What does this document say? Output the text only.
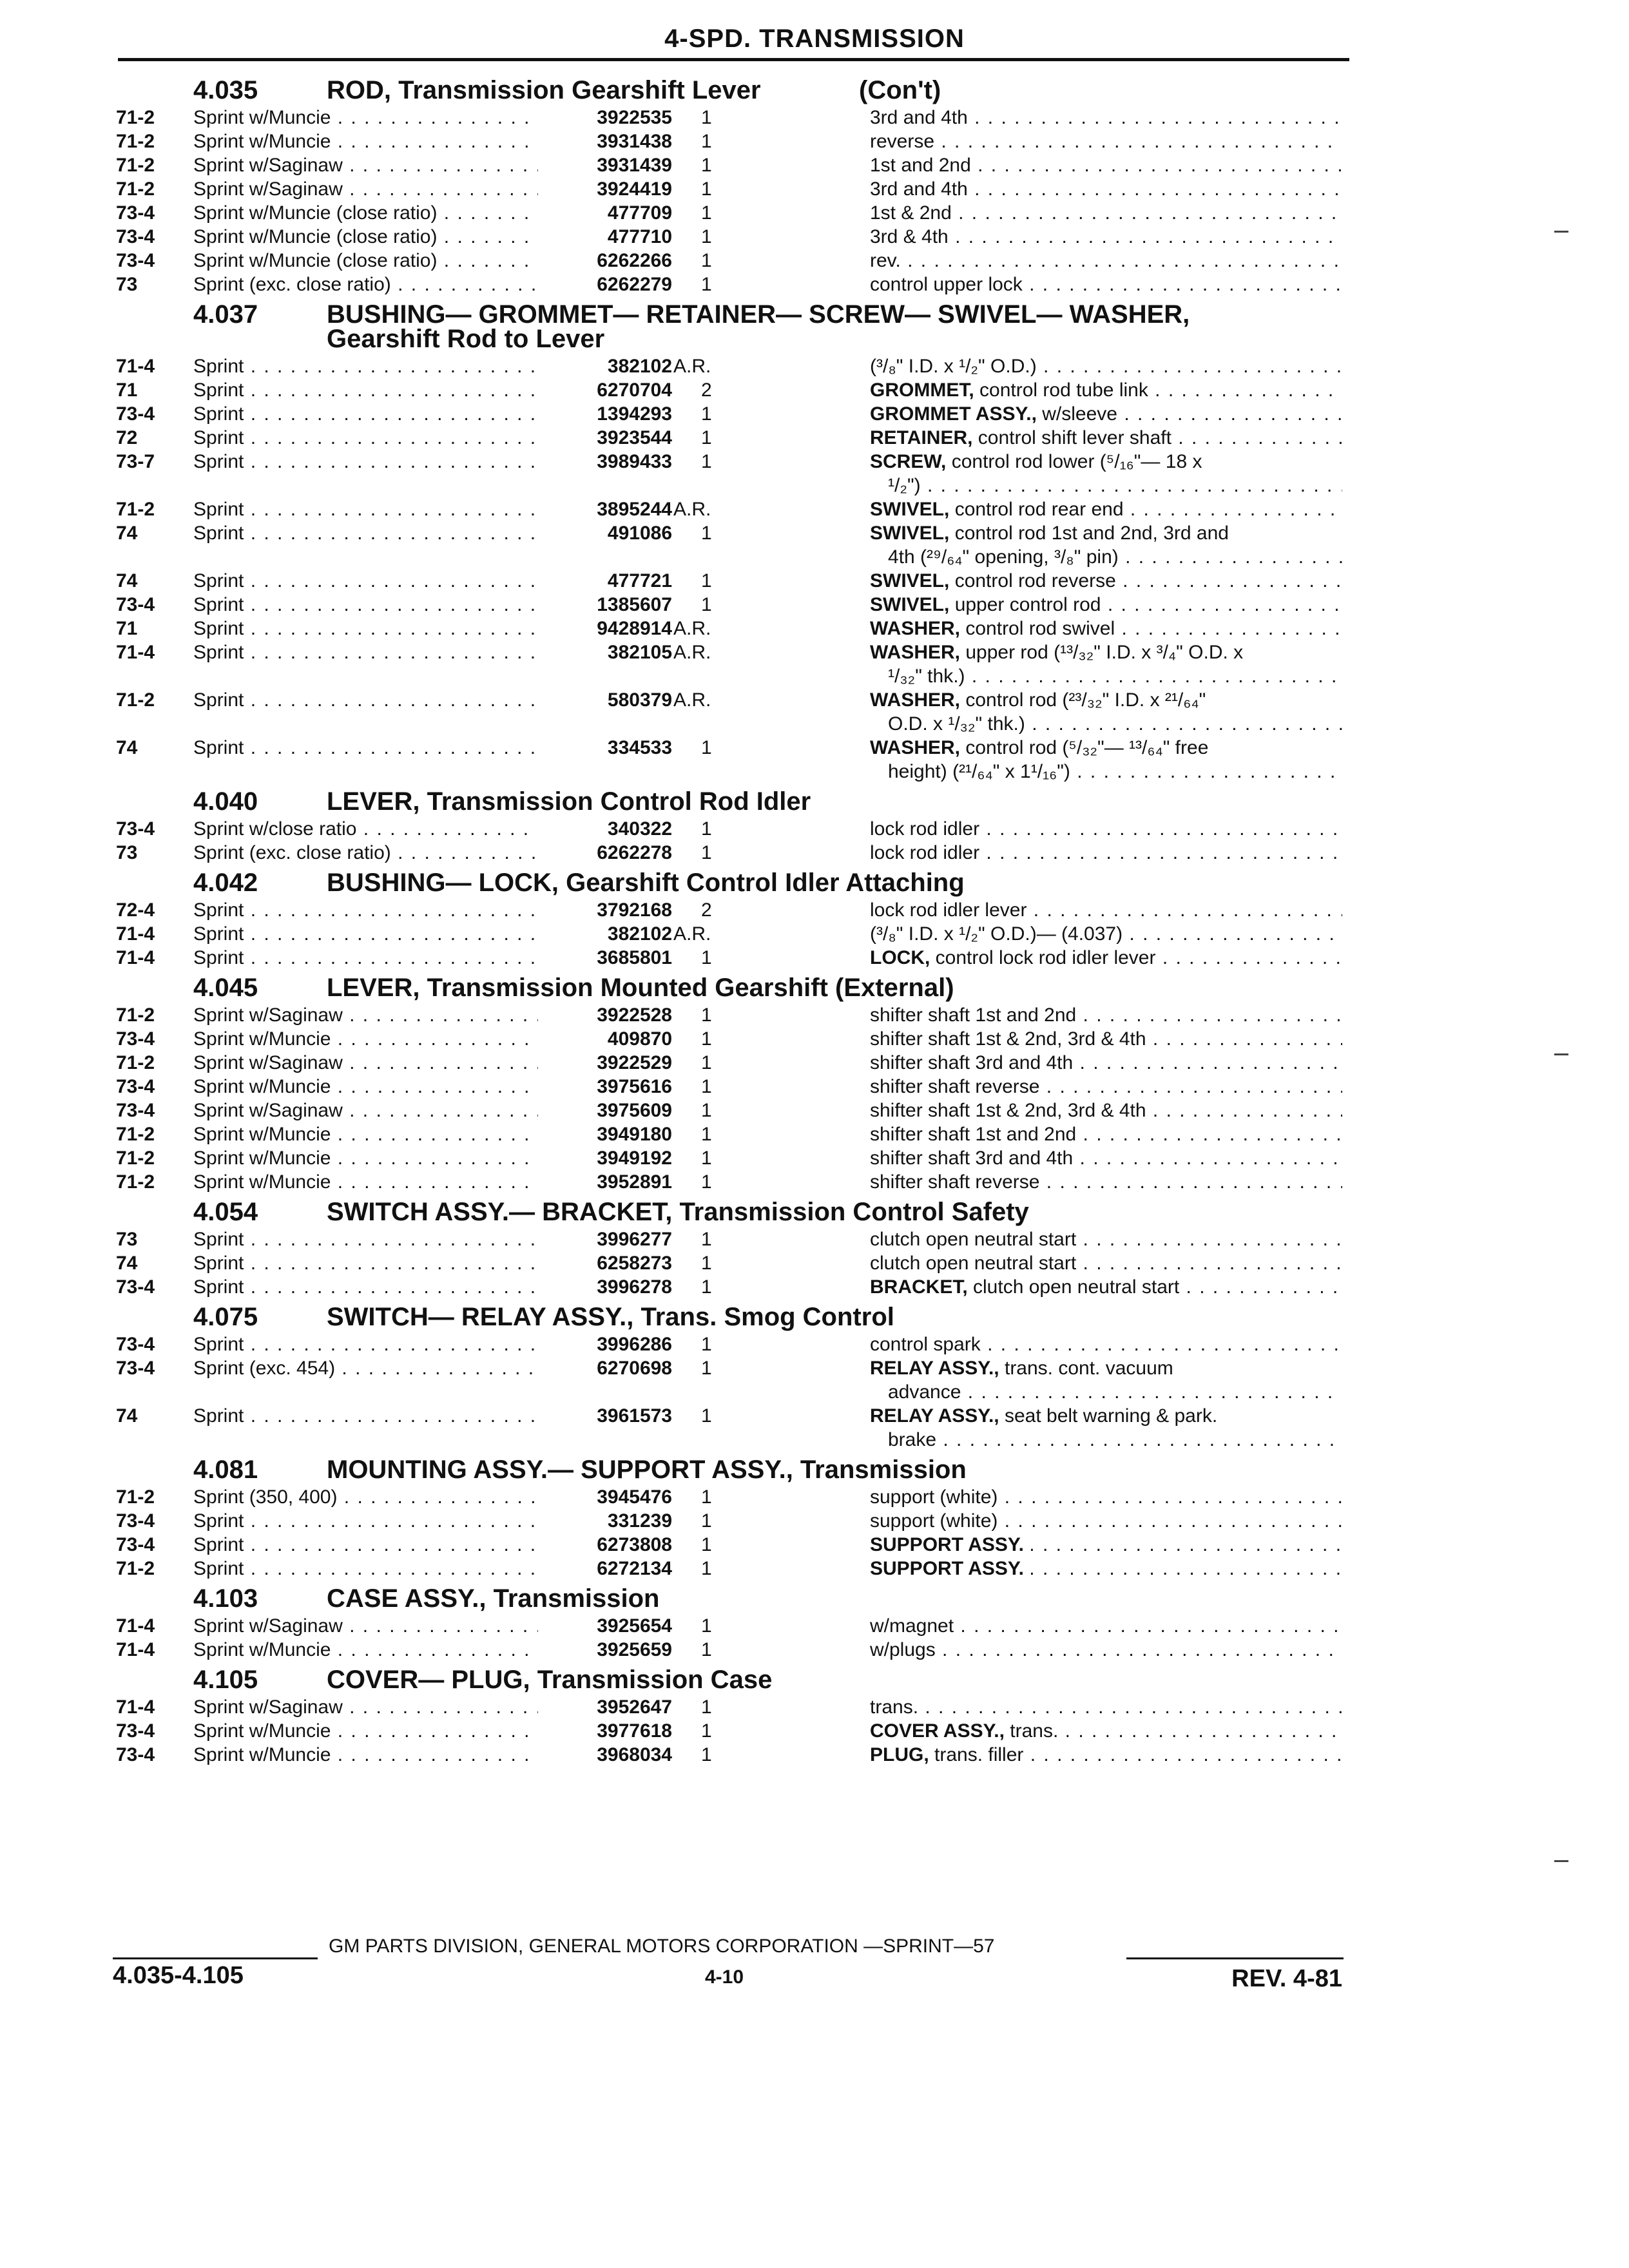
4-SPD. TRANSMISSION
4.035	ROD, Transmission Gearshift Lever	(Con't)
71-2 Sprint w/Muncie . . .	3922535 1	3rd and 4th . . .
71-2 Sprint w/Muncie . . .	3931438 1	reverse . . .
71-2 Sprint w/Saginaw . . .	3931439 1	1st and 2nd . . .
71-2 Sprint w/Saginaw . . .	3924419 1	3rd and 4th . . .
73-4 Sprint w/Muncie (close ratio) . . .	477709 1	1st & 2nd . . .
73-4 Sprint w/Muncie (close ratio) . . .	477710 1	3rd & 4th . . .
73-4 Sprint w/Muncie (close ratio) . . .	6262266 1	rev. . . .
73	Sprint (exc. close ratio) . . .	6262279 1	control upper lock . . .
4.037	BUSHING— GROMMET— RETAINER— SCREW— SWIVEL— WASHER,
Gearshift Rod to Lever
71-4 Sprint . . .	382102 A.R.	(³/₈" I.D. x ¹/₂" O.D.) . . .
71	Sprint . . .	6270704 2	GROMMET, control rod tube link . . .
73-4 Sprint . . .	1394293 1	GROMMET ASSY., w/sleeve . . .
72	Sprint . . .	3923544 1	RETAINER, control shift lever shaft . . .
73-7 Sprint . . .	3989433 1	SCREW, control rod lower (⁵/₁₆"— 18 x
¹/₂") . . .
71-2 Sprint . . .	3895244 A.R.	SWIVEL, control rod rear end . . .
74	Sprint . . .	491086 1	SWIVEL, control rod 1st and 2nd, 3rd and
4th (²⁹/₆₄" opening, ³/₈" pin) . . .
74	Sprint . . .	477721 1	SWIVEL, control rod reverse . . .
73-4 Sprint . . .	1385607 1	SWIVEL, upper control rod . . .
71	Sprint . . .	9428914 A.R.	WASHER, control rod swivel . . .
71-4 Sprint . . .	382105 A.R.	WASHER, upper rod (¹³/₃₂" I.D. x ³/₄" O.D. x
¹/₃₂" thk.) . . .
71-2 Sprint . . .	580379 A.R.	WASHER, control rod (²³/₃₂" I.D. x ²¹/₆₄"
O.D. x ¹/₃₂" thk.) . . .
74	Sprint . . .	334533 1	WASHER, control rod (⁵/₃₂"— ¹³/₆₄" free
height) (²¹/₆₄" x 1¹/₁₆") . . .
4.040	LEVER, Transmission Control Rod Idler
73-4 Sprint w/close ratio . . .	340322 1	lock rod idler . . .
73	Sprint (exc. close ratio) . . .	6262278 1	lock rod idler . . .
4.042	BUSHING— LOCK, Gearshift Control Idler Attaching
72-4 Sprint . . .	3792168 2	lock rod idler lever . . .
71-4 Sprint . . .	382102 A.R.	(³/₈" I.D. x ¹/₂" O.D.)— (4.037) . . .
71-4 Sprint . . .	3685801 1	LOCK, control lock rod idler lever . . .
4.045	LEVER, Transmission Mounted Gearshift (External)
71-2 Sprint w/Saginaw . . .	3922528 1	shifter shaft 1st and 2nd . . .
73-4 Sprint w/Muncie . . .	409870 1	shifter shaft 1st & 2nd, 3rd & 4th . . .
71-2 Sprint w/Saginaw . . .	3922529 1	shifter shaft 3rd and 4th . . .
73-4 Sprint w/Muncie . . .	3975616 1	shifter shaft reverse . . .
73-4 Sprint w/Saginaw . . .	3975609 1	shifter shaft 1st & 2nd, 3rd & 4th . . .
71-2 Sprint w/Muncie . . .	3949180 1	shifter shaft 1st and 2nd . . .
71-2 Sprint w/Muncie . . .	3949192 1	shifter shaft 3rd and 4th . . .
71-2 Sprint w/Muncie . . .	3952891 1	shifter shaft reverse . . .
4.054	SWITCH ASSY.— BRACKET, Transmission Control Safety
73	Sprint . . .	3996277 1	clutch open neutral start . . .
74	Sprint . . .	6258273 1	clutch open neutral start . . .
73-4 Sprint . . .	3996278 1	BRACKET, clutch open neutral start . . .
4.075	SWITCH— RELAY ASSY., Trans. Smog Control
73-4 Sprint . . .	3996286 1	control spark . . .
73-4 Sprint (exc. 454) . . .	6270698 1	RELAY ASSY., trans. cont. vacuum
advance . . .
74	Sprint . . .	3961573 1	RELAY ASSY., seat belt warning & park.
brake . . .
4.081	MOUNTING ASSY.— SUPPORT ASSY., Transmission
71-2 Sprint (350, 400) . . .	3945476 1	support (white) . . .
73-4 Sprint . . .	331239 1	support (white) . . .
73-4 Sprint . . .	6273808 1	SUPPORT ASSY. . . .
71-2 Sprint . . .	6272134 1	SUPPORT ASSY. . . .
4.103	CASE ASSY., Transmission
71-4 Sprint w/Saginaw . . .	3925654 1	w/magnet . . .
71-4 Sprint w/Muncie . . .	3925659 1	w/plugs . . .
4.105	COVER— PLUG, Transmission Case
71-4 Sprint w/Saginaw . . .	3952647 1	trans. . . .
73-4 Sprint w/Muncie . . .	3977618 1	COVER ASSY., trans. . . .
73-4 Sprint w/Muncie . . .	3968034 1	PLUG, trans. filler . . .
GM PARTS DIVISION, GENERAL MOTORS CORPORATION —SPRINT—57
4.035-4.105	4-10	REV. 4-81
